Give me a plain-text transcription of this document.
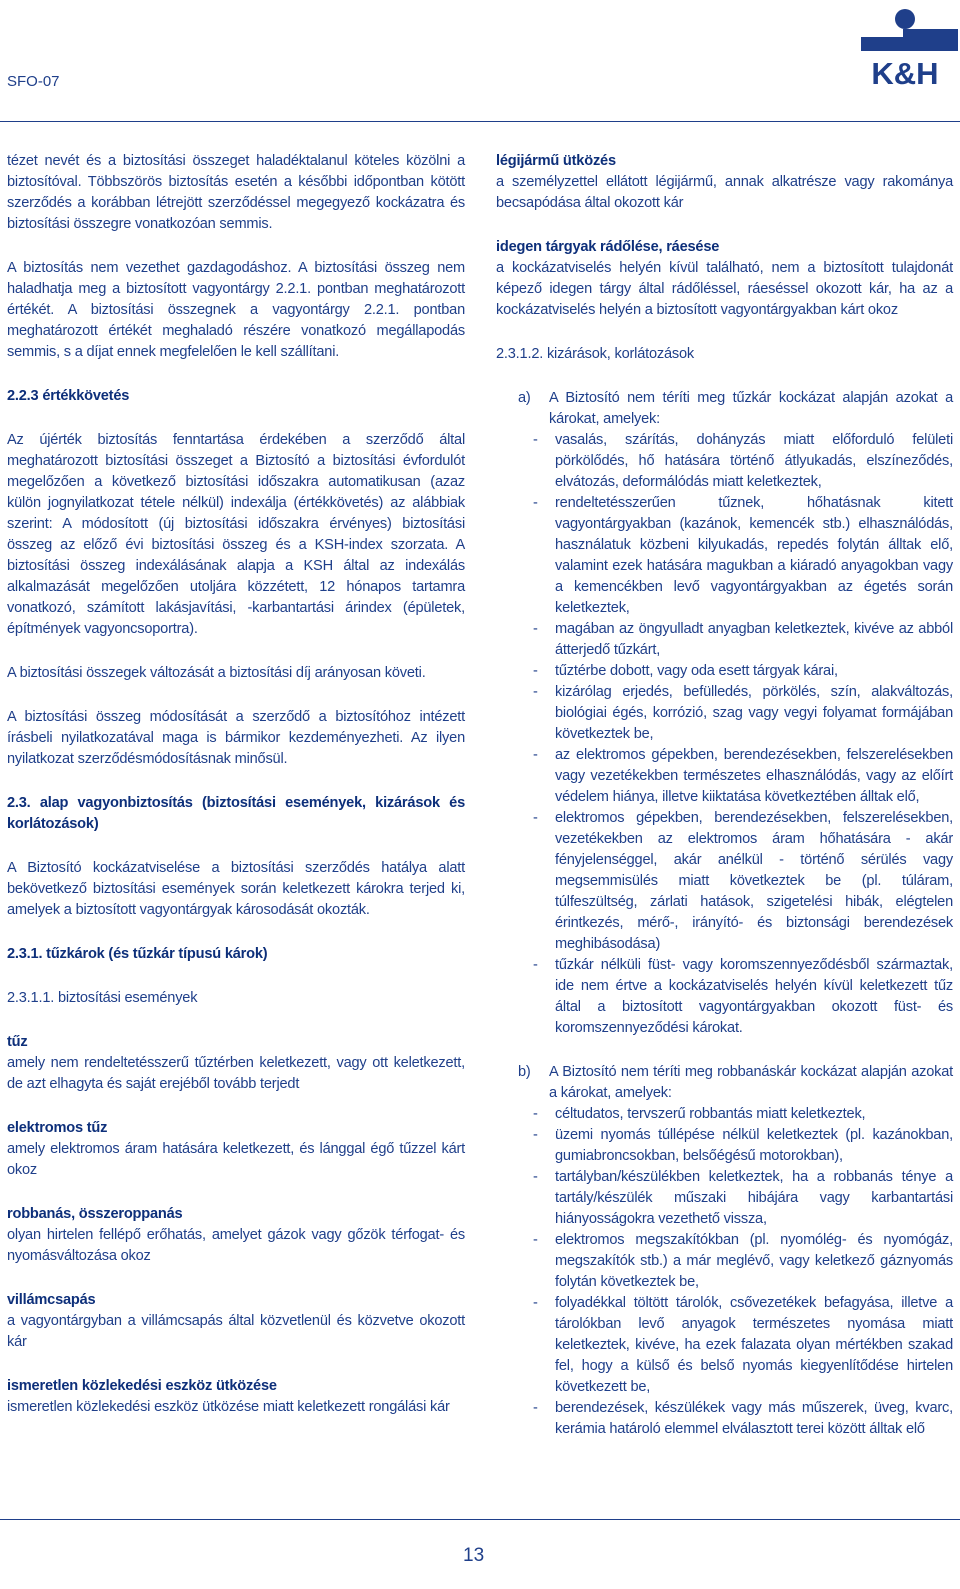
SFO-07	K&H

tézet nevét és a biztosítási összeget haladéktalanul köteles közölni a biztosítóval. Többszörös biztosítás esetén a későbbi időpontban kötött szerződés a korábban létrejött szerződéssel megegyező kockázatra és biztosítási összegre vonatkozóan semmis.

A biztosítás nem vezethet gazdagodáshoz. A biztosítási összeg nem haladhatja meg a biztosított vagyontárgy 2.2.1. pontban meghatározott értékét. A biztosítási összegnek a vagyontárgy 2.2.1. pontban meghatározott értékét meghaladó részére vonatkozó megállapodás semmis, s a díjat ennek megfelelően le kell szállítani.

2.2.3 értékkövetés

Az újérték biztosítás fenntartása érdekében a szerződő által meghatározott biztosítási összeget a Biztosító a biztosítási évfordulót megelőzően a következő biztosítási időszakra automatikusan (azaz külön jognyilatkozat tétele nélkül) indexálja (értékkövetés) az alábbiak szerint: A módosított (új biztosítási időszakra érvényes) biztosítási összeg az előző évi biztosítási összeg és a KSH-index szorzata. A biztosítási összeg indexálásának alapja a KSH által az indexálás alkalmazását megelőzően utoljára közzétett, 12 hónapos tartamra vonatkozó, számított lakásjavítási, -karbantartási árindex (épületek, építmények vagyoncsoportra).

A biztosítási összegek változását a biztosítási díj arányosan követi.

A biztosítási összeg módosítását a szerződő a biztosítóhoz intézett írásbeli nyilatkozatával maga is bármikor kezdeményezheti. Az ilyen nyilatkozat szerződésmódosításnak minősül.

2.3. alap vagyonbiztosítás (biztosítási események, kizárások és korlátozások)

A Biztosító kockázatviselése a biztosítási szerződés hatálya alatt bekövetkező biztosítási események során keletkezett károkra terjed ki, amelyek a biztosított vagyontárgyak károsodását okozták.

2.3.1. tűzkárok (és tűzkár típusú károk)

2.3.1.1. biztosítási események

tűz

amely nem rendeltetésszerű tűztérben keletkezett, vagy ott keletkezett, de azt elhagyta és saját erejéből tovább terjedt

elektromos tűz

amely elektromos áram hatására keletkezett, és lánggal égő tűzzel kárt okoz

robbanás, összeroppanás

olyan hirtelen fellépő erőhatás, amelyet gázok vagy gőzök térfogat- és nyomásváltozása okoz

villámcsapás

a vagyontárgyban a villámcsapás által közvetlenül és közvetve okozott kár

ismeretlen közlekedési eszköz ütközése

ismeretlen közlekedési eszköz ütközése miatt keletkezett rongálási kár

légijármű ütközés

a személyzettel ellátott légijármű, annak alkatrésze vagy rakománya becsapódása által okozott kár

idegen tárgyak rádőlése, ráesése

a kockázatviselés helyén kívül található, nem a biztosított tulajdonát képező idegen tárgy által rádőléssel, ráeséssel okozott kár, ha az a kockázatviselés helyén a biztosított vagyontárgyakban kárt okoz

2.3.1.2. kizárások, korlátozások

a)	A Biztosító nem téríti meg tűzkár kockázat alapján azokat a károkat, amelyek:
-	vasalás, szárítás, dohányzás miatt előforduló felületi pörkölődés, hő hatására történő átlyukadás, elszíneződés, elvátozás, deformálódás miatt keletkeztek,
-	rendeltetésszerűen tűznek, hőhatásnak kitett vagyontárgyakban (kazánok, kemencék stb.) elhasználódás, használatuk közbeni kilyukadás, repedés folytán álltak elő, valamint ezek hatására magukban a kiáradó anyagokban vagy a kemencékben levő vagyontárgyakban az égetés során keletkeztek,
-	magában az öngyulladt anyagban keletkeztek, kivéve az abból átterjedő tűzkárt,
-	tűztérbe dobott, vagy oda esett tárgyak kárai,
-	kizárólag erjedés, befülledés, pörkölés, szín, alakváltozás, biológiai égés, korrózió, szag vagy vegyi folyamat formájában következtek be,
-	az elektromos gépekben, berendezésekben, felszerelésekben vagy vezetékekben természetes elhasználódás, vagy az előírt védelem hiánya, illetve kiiktatása következtében álltak elő,
-	elektromos gépekben, berendezésekben, felszerelésekben, vezetékekben az elektromos áram hőhatására - akár fényjelenséggel, akár anélkül - történő sérülés vagy megsemmisülés miatt következtek be (pl. túláram, túlfeszültség, zárlati hatások, szigetelési hibák, elégtelen érintkezés, mérő-, irányító- és biztonsági berendezések meghibásodása)
-	tűzkár nélküli füst- vagy koromszennyeződésből származtak, ide nem értve a kockázatviselés helyén kívül keletkezett tűz által a biztosított vagyontárgyakban okozott füst- és koromszennyeződési károkat.
b)	A Biztosító nem téríti meg robbanáskár kockázat alapján azokat a károkat, amelyek:
-	céltudatos, tervszerű robbantás miatt keletkeztek,
-	üzemi nyomás túllépése nélkül keletkeztek (pl. kazánokban, gumiabroncsokban, belsőégésű motorokban),
-	tartályban/készülékben keletkeztek, ha a robbanás ténye a tartály/készülék műszaki hibájára vagy karbantartási hiányosságokra vezethető vissza,
-	elektromos megszakítókban (pl. nyomólég- és nyomógáz, megszakítók stb.) a már meglévő, vagy keletkező gáznyomás folytán következtek be,
-	folyadékkal töltött tárolók, csővezetékek befagyása, illetve a tárolókban levő anyagok természetes nyomása miatt keletkeztek, kivéve, ha ezek falazata olyan mértékben szakad fel, hogy a külső és belső nyomás kiegyenlítődése hirtelen következett be,
-	berendezések, készülékek vagy más műszerek, üveg, kvarc, kerámia határoló elemmel elválasztott terei között álltak elő
13
